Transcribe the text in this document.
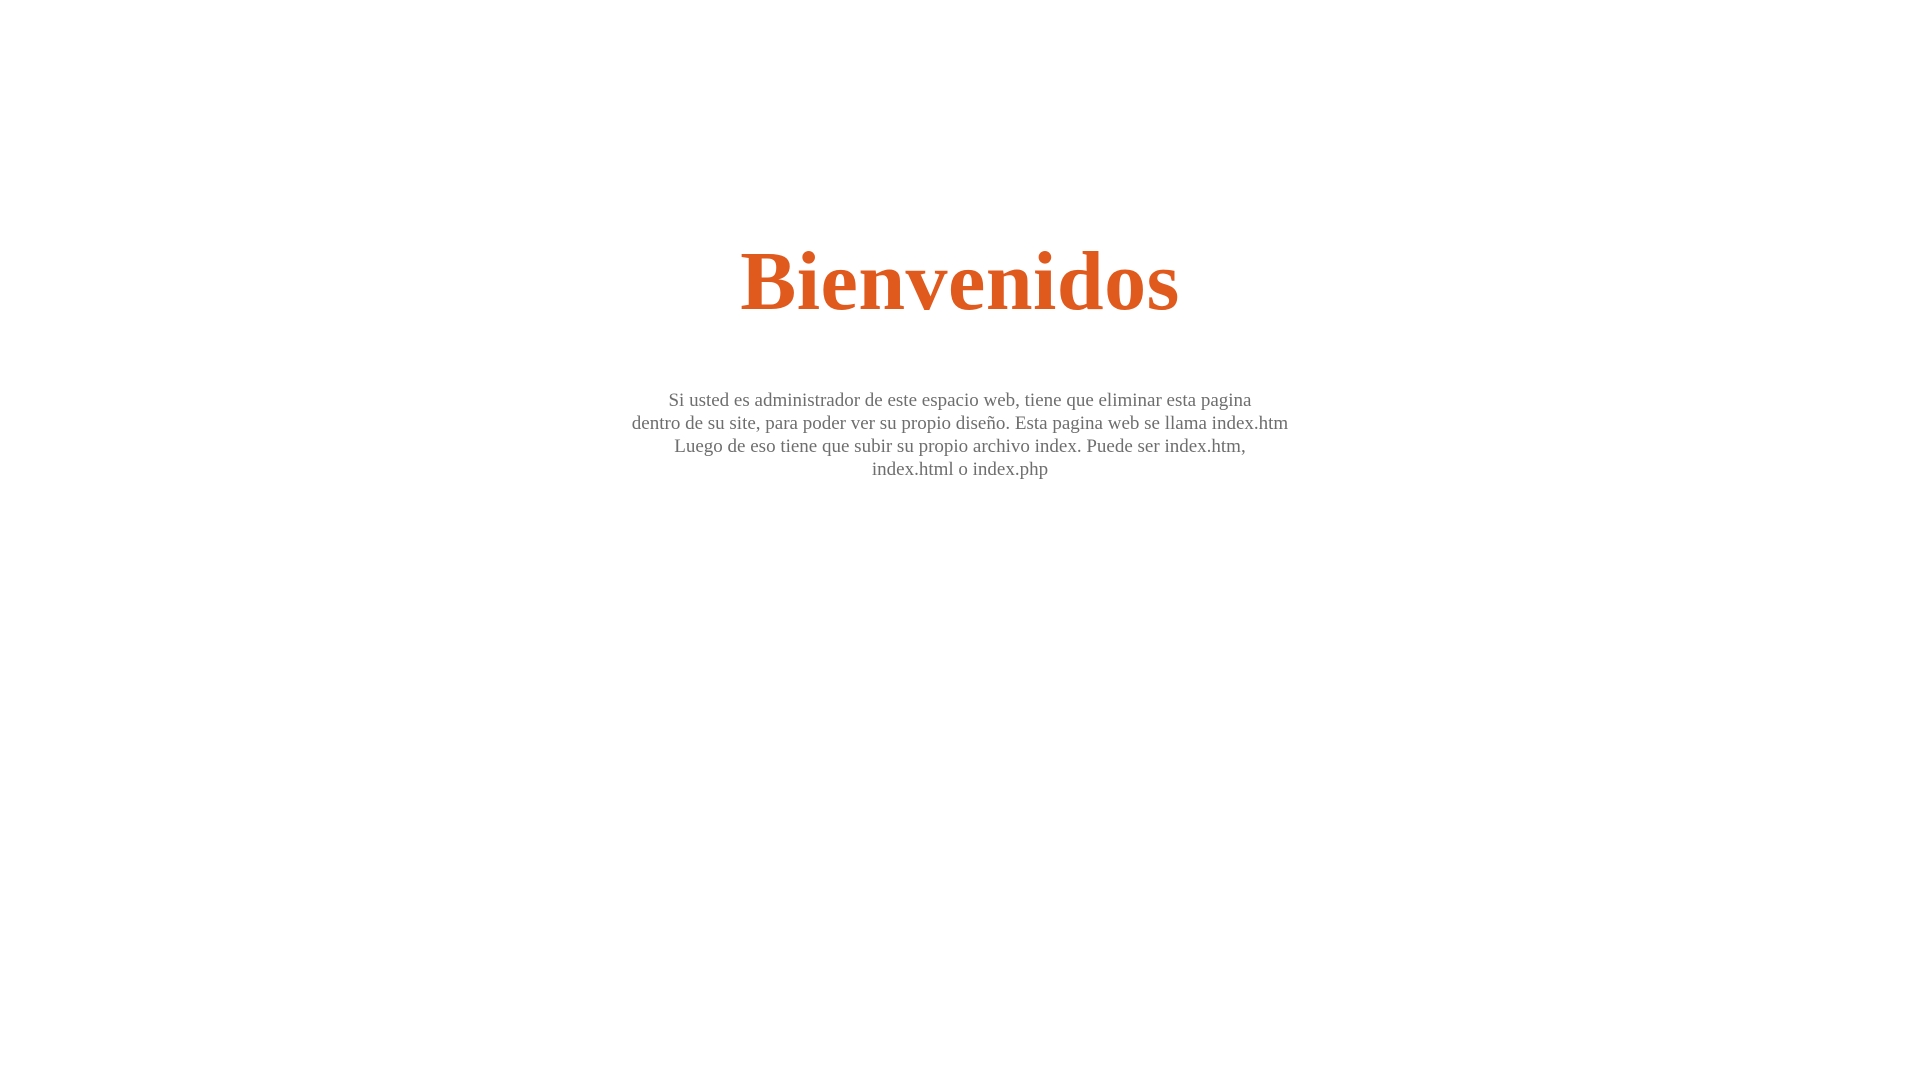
Bienvenidos
Si usted es administrador de este espacio web, tiene que eliminar esta pagina
dentro de su site, para poder ver su propio diseño. Esta pagina web se llama index.htm
Luego de eso tiene que subir su propio archivo index. Puede ser index.htm,
index.html o index.php
